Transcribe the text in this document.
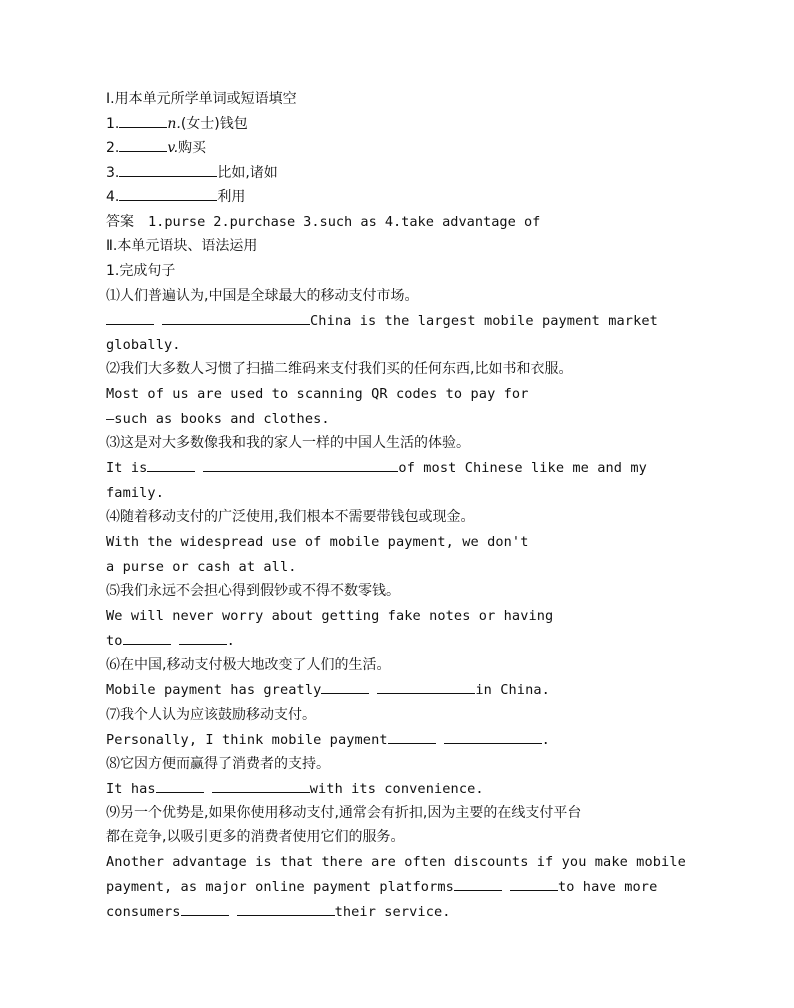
Ⅰ.用本单元所学单词或短语填空
1.	n.(女士)钱包
2.	v.购买
3.	比如,诸如
4.	利用
答案 1.purse 2.purchase 3.such as 4.take advantage of
Ⅱ.本单元语块、语法运用
1.完成句子
⑴人们普遍认为,中国是全球最大的移动支付市场。
China is the largest mobile payment market
globally.
⑵我们大多数人习惯了扫描二维码来支付我们买的任何东西,比如书和衣服。
Most of us are used to scanning QR codes to pay for
—such as books and clothes.
⑶这是对大多数像我和我的家人一样的中国人生活的体验。
It is	of most Chinese like me and my
family.
⑷随着移动支付的广泛使用,我们根本不需要带钱包或现金。
With the widespread use of mobile payment, we don't
a purse or cash at all.
⑸我们永远不会担心得到假钞或不得不数零钱。
We will never worry about getting fake notes or having
to	.
⑹在中国,移动支付极大地改变了人们的生活。
Mobile payment has greatly	in China.
⑺我个人认为应该鼓励移动支付。
Personally, I think mobile payment	.
⑻它因方便而赢得了消费者的支持。
It has	with its convenience.
⑼另一个优势是,如果你使用移动支付,通常会有折扣,因为主要的在线支付平台
都在竞争,以吸引更多的消费者使用它们的服务。
Another advantage is that there are often discounts if you make mobile
payment, as major online payment platforms	to have more
consumers	their service.
